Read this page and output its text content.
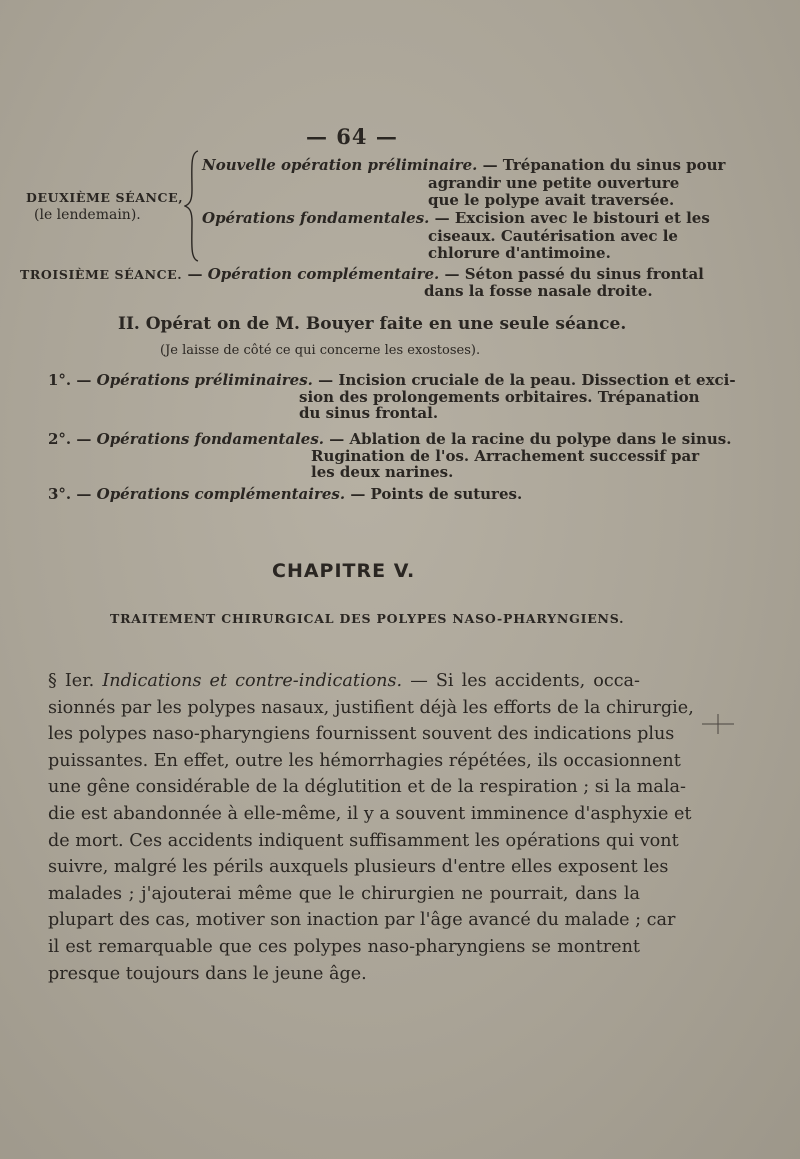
— 64 —
DEUXIÈME SÉANCE,
(le lendemain).
Nouvelle opération préliminaire. — Trépanation du sinus pour
agrandir une petite ouverture
que le polype avait traversée.
Opérations fondamentales. — Excision avec le bistouri et les
ciseaux. Cautérisation avec le
chlorure d'antimoine.
TROISIÈME SÉANCE. — Opération complémentaire. — Séton passé du sinus frontal
dans la fosse nasale droite.
II. Opérat on de M. Bouyer faite en une seule séance.
(Je laisse de côté ce qui concerne les exostoses).
1°. — Opérations préliminaires. — Incision cruciale de la peau. Dissection et exci-
sion des prolongements orbitaires. Trépanation
du sinus frontal.
2°. — Opérations fondamentales. — Ablation de la racine du polype dans le sinus.
Rugination de l'os. Arrachement successif par
les deux narines.
3°. — Opérations complémentaires. — Points de sutures.
CHAPITRE V.
TRAITEMENT CHIRURGICAL DES POLYPES NASO-PHARYNGIENS.
§ Ier. Indications et contre-indications. — Si les accidents, occa-
sionnés par les polypes nasaux, justifient déjà les efforts de la chirurgie,
les polypes naso-pharyngiens fournissent souvent des indications plus
puissantes. En effet, outre les hémorrhagies répétées, ils occasionnent
une gêne considérable de la déglutition et de la respiration ; si la mala-
die est abandonnée à elle-même, il y a souvent imminence d'asphyxie et
de mort. Ces accidents indiquent suffisamment les opérations qui vont
suivre, malgré les périls auxquels plusieurs d'entre elles exposent les
malades ; j'ajouterai même que le chirurgien ne pourrait, dans la
plupart des cas, motiver son inaction par l'âge avancé du malade ; car
il est remarquable que ces polypes naso-pharyngiens se montrent
presque toujours dans le jeune âge.
